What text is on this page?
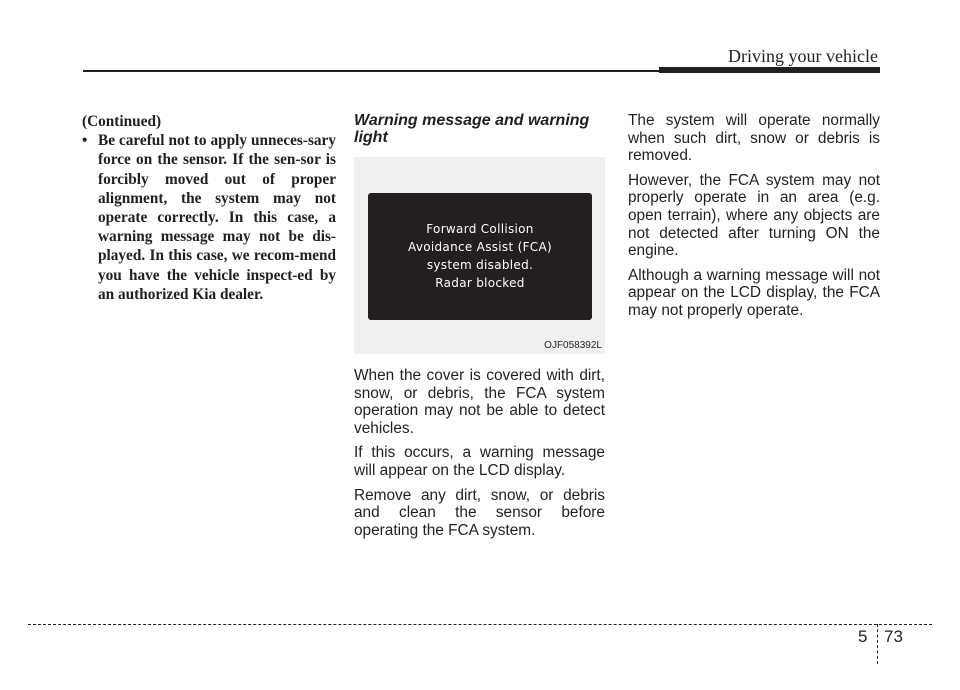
Driving your vehicle

(Continued)

• Be careful not to apply unneces-sary force on the sensor. If the sen-sor is forcibly moved out of proper alignment, the system may not operate correctly. In this case, a warning message may not be dis-played. In this case, we recom-mend you have the vehicle inspect-ed by an authorized Kia dealer.

Warning message and warning light

Forward Collision
Avoidance Assist (FCA)
system disabled.
Radar blocked
OJF058392L

When the cover is covered with dirt, snow, or debris, the FCA system operation may not be able to detect vehicles.

If this occurs, a warning message will appear on the LCD display.

Remove any dirt, snow, or debris and clean the sensor before operating the FCA system.

The system will operate normally when such dirt, snow or debris is removed.

However, the FCA system may not properly operate in an area (e.g. open terrain), where any objects are not detected after turning ON the engine.

Although a warning message will not appear on the LCD display, the FCA may not properly operate.

5 73
